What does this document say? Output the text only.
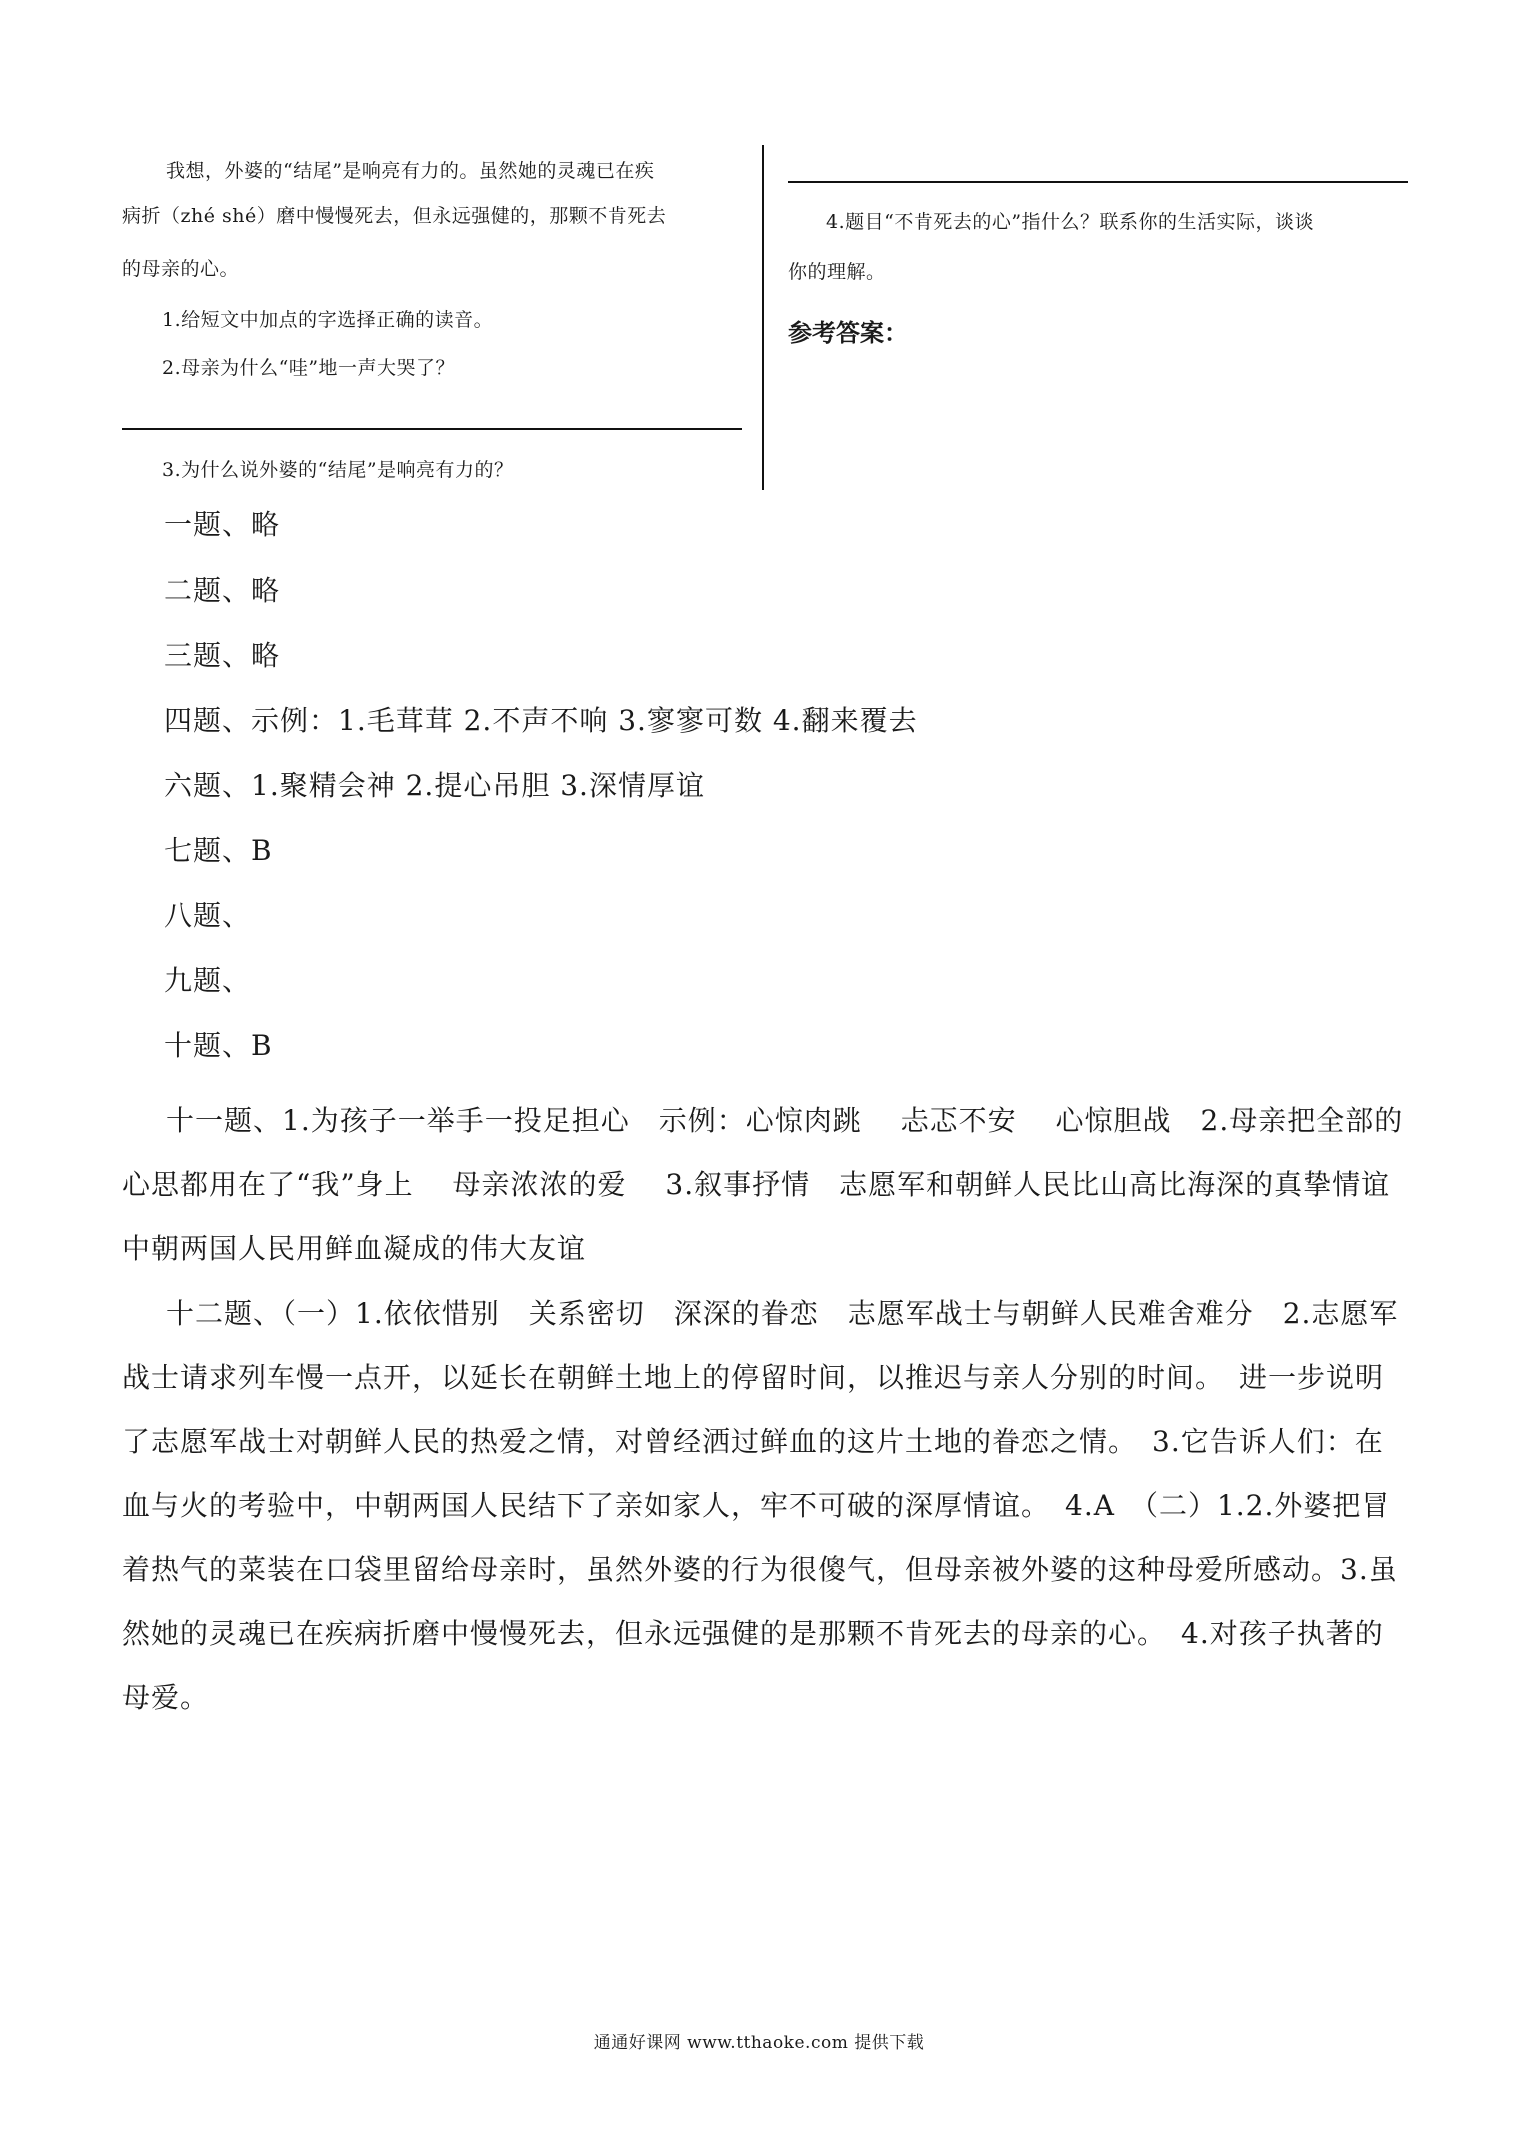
我想，外婆的“结尾”是响亮有力的。虽然她的灵魂已在疾
病折（zhé shé）磨中慢慢死去，但永远强健的，那颗不肯死去
的母亲的心。
1.给短文中加点的字选择正确的读音。
2.母亲为什么“哇”地一声大哭了？
3.为什么说外婆的“结尾”是响亮有力的？
4.题目“不肯死去的心”指什么？联系你的生活实际，谈谈
你的理解。
参考答案：
一题、略
二题、略
三题、略
四题、示例：1.毛茸茸 2.不声不响 3.寥寥可数 4.翻来覆去
六题、1.聚精会神 2.提心吊胆 3.深情厚谊
七题、B
八题、
九题、
十题、B

十一题、1.为孩子一举手一投足担心　示例：心惊肉跳　 忐忑不安　 心惊胆战　2.母亲把全部的心思都用在了“我”身上　 母亲浓浓的爱　 3.叙事抒情　志愿军和朝鲜人民比山高比海深的真挚情谊　 中朝两国人民用鲜血凝成的伟大友谊

十二题、（一）1.依依惜别　关系密切　深深的眷恋　志愿军战士与朝鲜人民难舍难分　2.志愿军战士请求列车慢一点开，以延长在朝鲜土地上的停留时间，以推迟与亲人分别的时间。　进一步说明了志愿军战士对朝鲜人民的热爱之情，对曾经洒过鲜血的这片土地的眷恋之情。　3.它告诉人们：在血与火的考验中，中朝两国人民结下了亲如家人，牢不可破的深厚情谊。　4.A　（二）1.2.外婆把冒着热气的菜装在口袋里留给母亲时，虽然外婆的行为很傻气，但母亲被外婆的这种母爱所感动。3.虽然她的灵魂已在疾病折磨中慢慢死去，但永远强健的是那颗不肯死去的母亲的心。　4.对孩子执著的母爱。

通通好课网 www.tthaoke.com 提供下载
